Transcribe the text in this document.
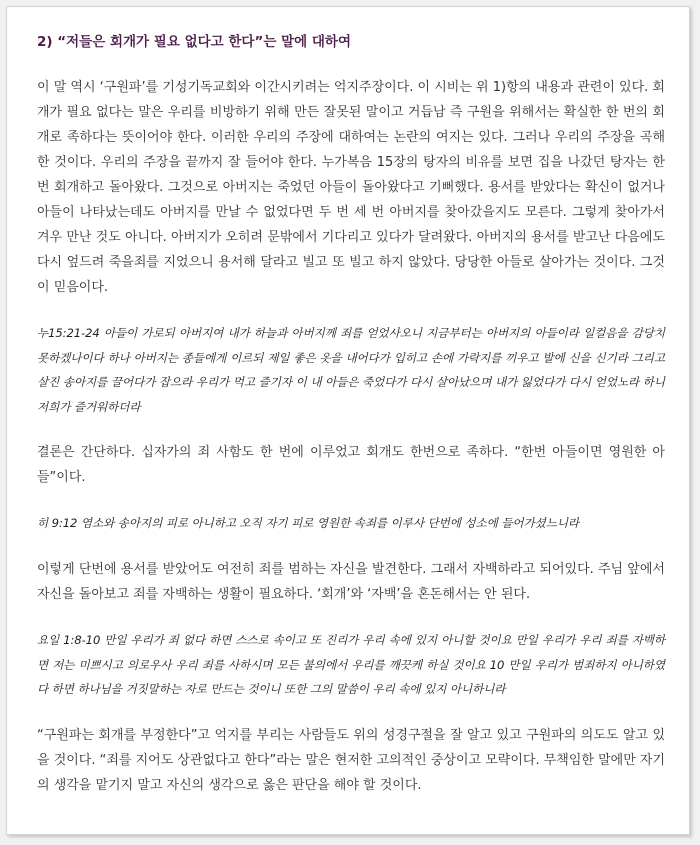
2) “저들은 회개가 필요 없다고 한다”는 말에 대하여

이 말 역시 ‘구원파’를 기성기독교회와 이간시키려는 억지주장이다. 이 시비는 위 1)항의 내용과 관련이 있다. 회개가 필요 없다는 말은 우리를 비방하기 위해 만든 잘못된 말이고 거듭남 즉 구원을 위해서는 확실한 한 번의 회개로 족하다는 뜻이어야 한다. 이러한 우리의 주장에 대하여는 논란의 여지는 있다. 그러나 우리의 주장을 곡해한 것이다. 우리의 주장을 끝까지 잘 들어야 한다. 누가복음 15장의 탕자의 비유를 보면 집을 나갔던 탕자는 한번 회개하고 돌아왔다. 그것으로 아버지는 죽었던 아들이 돌아왔다고 기뻐했다. 용서를 받았다는 확신이 없거나 아들이 나타났는데도 아버지를 만날 수 없었다면 두 번 세 번 아버지를 찾아갔을지도 모른다. 그렇게 찾아가서 겨우 만난 것도 아니다. 아버지가 오히려 문밖에서 기다리고 있다가 달려왔다. 아버지의 용서를 받고난 다음에도 다시 엎드려 죽을죄를 지었으니 용서해 달라고 빌고 또 빌고 하지 않았다. 당당한 아들로 살아가는 것이다. 그것이 믿음이다.

누15:21-24 아들이 가로되 아버지여 내가 하늘과 아버지께 죄를 얻었사오니 지금부터는 아버지의 아들이라 일컬음을 감당치 못하겠나이다 하나 아버지는 종들에게 이르되 제일 좋은 옷을 내어다가 입히고 손에 가락지를 끼우고 발에 신을 신기라 그리고 살진 송아지를 끌어다가 잡으라 우리가 먹고 즐기자 이 내 아들은 죽었다가 다시 살아났으며 내가 잃었다가 다시 얻었노라 하니 저희가 즐거워하더라

결론은 간단하다. 십자가의 죄 사함도 한 번에 이루었고 회개도 한번으로 족하다. “한번 아들이면 영원한 아들”이다.

히 9:12 염소와 송아지의 피로 아니하고 오직 자기 피로 영원한 속죄를 이루사 단번에 성소에 들어가셨느니라

이렇게 단번에 용서를 받았어도 여전히 죄를 범하는 자신을 발견한다. 그래서 자백하라고 되어있다. 주님 앞에서 자신을 돌아보고 죄를 자백하는 생활이 필요하다. ‘회개’와 ‘자백’을 혼돈해서는 안 된다.

요일 1:8-10 만일 우리가 죄 없다 하면 스스로 속이고 또 진리가 우리 속에 있지 아니할 것이요 만일 우리가 우리 죄를 자백하면 저는 미쁘시고 의로우사 우리 죄를 사하시며 모든 불의에서 우리를 깨끗케 하실 것이요 10 만일 우리가 범죄하지 아니하였다 하면 하나님을 거짓말하는 자로 만드는 것이니 또한 그의 말씀이 우리 속에 있지 아니하니라

“구원파는 회개를 부정한다”고 억지를 부리는 사람들도 위의 성경구절을 잘 알고 있고 구원파의 의도도 알고 있을 것이다. “죄를 지어도 상관없다고 한다”라는 말은 현저한 고의적인 중상이고 모략이다. 무책임한 말에만 자기의 생각을 맡기지 말고 자신의 생각으로 옳은 판단을 해야 할 것이다.
